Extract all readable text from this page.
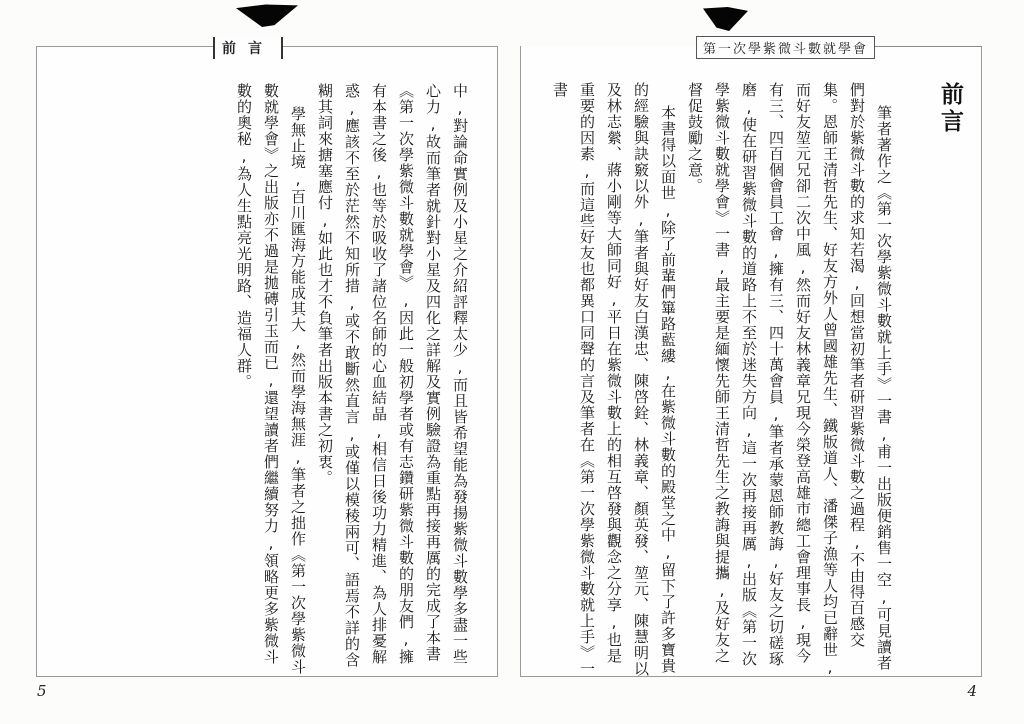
第一次學紫微斗數就學會
前言

筆者著作之《第一次學紫微斗數就上手》一書,甫一出版便銷售一空,可見讀者們對於紫微斗數的求知若渴,回想當初筆者研習紫微斗數之過程,不由得百感交集。恩師王清哲先生、好友方外人曾國雄先生、鐵版道人、潘傑子漁等人均已辭世,而好友堃元兄卻二次中風,然而好友林義章兄現今榮登高雄市總工會理事長,現今有三、四百個會員工會,擁有三、四十萬會員,筆者承蒙恩師教誨,好友之切磋琢磨,使在研習紫微斗數的道路上不至於迷失方向,這一次再接再厲,出版《第一次學紫微斗數就學會》一書,最主要是緬懷先師王清哲先生之教誨與提攜,及好友之督促鼓勵之意。

本書得以面世,除了前輩們篳路藍縷,在紫微斗數的殿堂之中,留下了許多寶貴的經驗與訣竅以外,筆者與好友白漢忠、陳啓銓、林義章、顏英發、堃元、陳慧明以及林志縈、蔣小剛等大師同好,平日在紫微斗數上的相互啓發與觀念之分享,也是重要的因素,而這些好友也都異口同聲的言及筆者在《第一次學紫微斗數就上手》一書

前言

中,對論命實例及小星之介紹評釋太少,而且皆希望能為發揚紫微斗數學多盡一些心力,故而筆者就針對小星及四化之詳解及實例驗證為重點再接再厲的完成了本書《第一次學紫微斗數就學會》,因此一般初學者或有志鑽研紫微斗數的朋友們,擁有本書之後,也等於吸收了諸位名師的心血結晶,相信日後功力精進、為人排憂解惑,應該不至於茫然不知所措,或不敢斷然直言,或僅以模稜兩可、語焉不詳的含糊其詞來搪塞應付,如此也才不負筆者出版本書之初衷。

學無止境,百川匯海方能成其大,然而學海無涯,筆者之拙作《第一次學紫微斗數就學會》之出版亦不過是拋磚引玉而已,還望讀者們繼續努力,領略更多紫微斗數的奧秘,為人生點亮光明路、造福人群。

5	4
